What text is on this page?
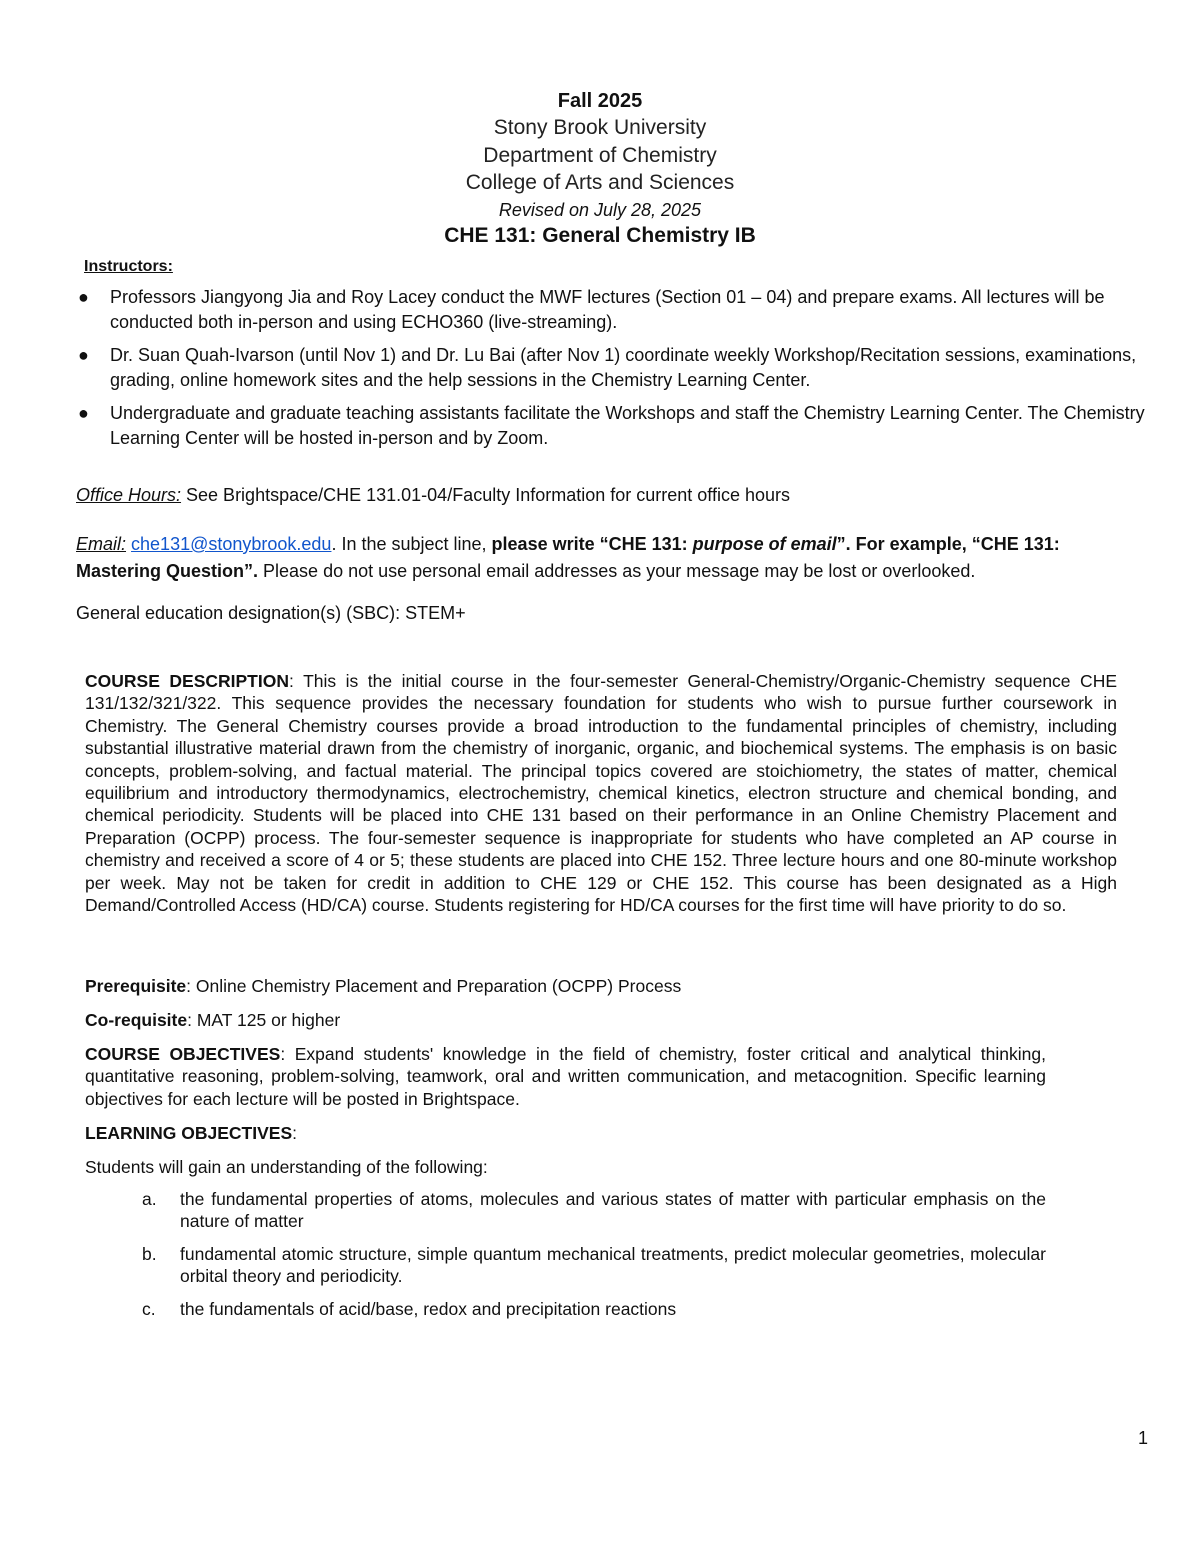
Fall 2025
Stony Brook University
Department of Chemistry
College of Arts and Sciences
Revised on July 28, 2025
CHE 131: General Chemistry IB
Instructors:
● Professors Jiangyong Jia and Roy Lacey conduct the MWF lectures (Section 01 – 04) and prepare exams. All lectures will be conducted both in-person and using ECHO360 (live-streaming).
● Dr. Suan Quah-Ivarson (until Nov 1) and Dr. Lu Bai (after Nov 1) coordinate weekly Workshop/Recitation sessions, examinations, grading, online homework sites and the help sessions in the Chemistry Learning Center.
● Undergraduate and graduate teaching assistants facilitate the Workshops and staff the Chemistry Learning Center. The Chemistry Learning Center will be hosted in-person and by Zoom.
Office Hours: See Brightspace/CHE 131.01-04/Faculty Information for current office hours
Email: che131@stonybrook.edu. In the subject line, please write “CHE 131: purpose of email”. For example, “CHE 131: Mastering Question”. Please do not use personal email addresses as your message may be lost or overlooked.
General education designation(s) (SBC): STEM+
COURSE DESCRIPTION: This is the initial course in the four-semester General-Chemistry/Organic-Chemistry sequence CHE 131/132/321/322. This sequence provides the necessary foundation for students who wish to pursue further coursework in Chemistry. The General Chemistry courses provide a broad introduction to the fundamental principles of chemistry, including substantial illustrative material drawn from the chemistry of inorganic, organic, and biochemical systems. The emphasis is on basic concepts, problem-solving, and factual material. The principal topics covered are stoichiometry, the states of matter, chemical equilibrium and introductory thermodynamics, electrochemistry, chemical kinetics, electron structure and chemical bonding, and chemical periodicity. Students will be placed into CHE 131 based on their performance in an Online Chemistry Placement and Preparation (OCPP) process. The four-semester sequence is inappropriate for students who have completed an AP course in chemistry and received a score of 4 or 5; these students are placed into CHE 152. Three lecture hours and one 80-minute workshop per week. May not be taken for credit in addition to CHE 129 or CHE 152. This course has been designated as a High Demand/Controlled Access (HD/CA) course. Students registering for HD/CA courses for the first time will have priority to do so.
Prerequisite: Online Chemistry Placement and Preparation (OCPP) Process
Co-requisite: MAT 125 or higher
COURSE OBJECTIVES: Expand students' knowledge in the field of chemistry, foster critical and analytical thinking, quantitative reasoning, problem-solving, teamwork, oral and written communication, and metacognition. Specific learning objectives for each lecture will be posted in Brightspace.
LEARNING OBJECTIVES:
Students will gain an understanding of the following:
a. the fundamental properties of atoms, molecules and various states of matter with particular emphasis on the nature of matter
b. fundamental atomic structure, simple quantum mechanical treatments, predict molecular geometries, molecular orbital theory and periodicity.
c. the fundamentals of acid/base, redox and precipitation reactions
1
